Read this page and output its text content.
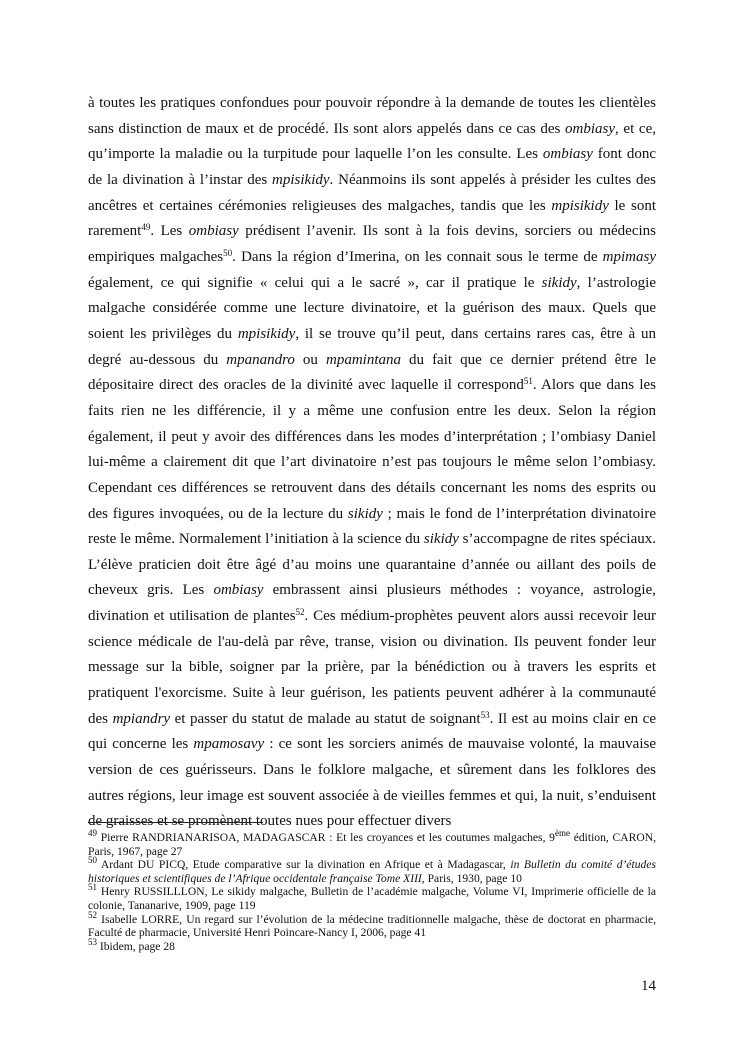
à toutes les pratiques confondues pour pouvoir répondre à la demande de toutes les clientèles sans distinction de maux et de procédé. Ils sont alors appelés dans ce cas des ombiasy, et ce, qu’importe la maladie ou la turpitude pour laquelle l’on les consulte. Les ombiasy font donc de la divination à l’instar des mpisikidy. Néanmoins ils sont appelés à présider les cultes des ancêtres et certaines cérémonies religieuses des malgaches, tandis que les mpisikidy le sont rarement$^{49}$. Les ombiasy prédisent l’avenir. Ils sont à la fois devins, sorciers ou médecins empiriques malgaches$^{50}$. Dans la région d’Imerina, on les connait sous le terme de mpimasy également, ce qui signifie « celui qui a le sacré », car il pratique le sikidy, l’astrologie malgache considérée comme une lecture divinatoire, et la guérison des maux. Quels que soient les privilèges du mpisikidy, il se trouve qu’il peut, dans certains rares cas, être à un degré au-dessous du mpanandro ou mpamintana du fait que ce dernier prétend être le dépositaire direct des oracles de la divinité avec laquelle il correspond$^{51}$. Alors que dans les faits rien ne les différencie, il y a même une confusion entre les deux. Selon la région également, il peut y avoir des différences dans les modes d’interprétation ; l’ombiasy Daniel lui-même a clairement dit que l’art divinatoire n’est pas toujours le même selon l’ombiasy. Cependant ces différences se retrouvent dans des détails concernant les noms des esprits ou des figures invoquées, ou de la lecture du sikidy ; mais le fond de l’interprétation divinatoire reste le même. Normalement l’initiation à la science du sikidy s’accompagne de rites spéciaux. L’élève praticien doit être âgé d’au moins une quarantaine d’année ou aillant des poils de cheveux gris. Les ombiasy embrassent ainsi plusieurs méthodes : voyance, astrologie, divination et utilisation de plantes$^{52}$. Ces médium-prophètes peuvent alors aussi recevoir leur science médicale de l'au-delà par rêve, transe, vision ou divination. Ils peuvent fonder leur message sur la bible, soigner par la prière, par la bénédiction ou à travers les esprits et pratiquent l'exorcisme. Suite à leur guérison, les patients peuvent adhérer à la communauté des mpiandry et passer du statut de malade au statut de soignant$^{53}$. Il est au moins clair en ce qui concerne les mpamosavy : ce sont les sorciers animés de mauvaise volonté, la mauvaise version de ces guérisseurs. Dans le folklore malgache, et sûrement dans les folklores des autres régions, leur image est souvent associée à de vieilles femmes et qui, la nuit, s’enduisent de graisses et se promènent toutes nues pour effectuer divers

$^{49}$ Pierre RANDRIANARISOA, MADAGASCAR : Et les croyances et les coutumes malgaches, 9ème édition, CARON, Paris, 1967, page 27

$^{50}$ Ardant DU PICQ, Etude comparative sur la divination en Afrique et à Madagascar, in Bulletin du comité d’études historiques et scientifiques de l’Afrique occidentale française Tome XIII, Paris, 1930, page 10

$^{51}$ Henry RUSSILLLON, Le sikidy malgache, Bulletin de l’académie malgache, Volume VI, Imprimerie officielle de la colonie, Tananarive, 1909, page 119

$^{52}$ Isabelle LORRE, Un regard sur l’évolution de la médecine traditionnelle malgache, thèse de doctorat en pharmacie, Faculté de pharmacie, Université Henri Poincare-Nancy I, 2006, page 41

$^{53}$ Ibidem, page 28

14
